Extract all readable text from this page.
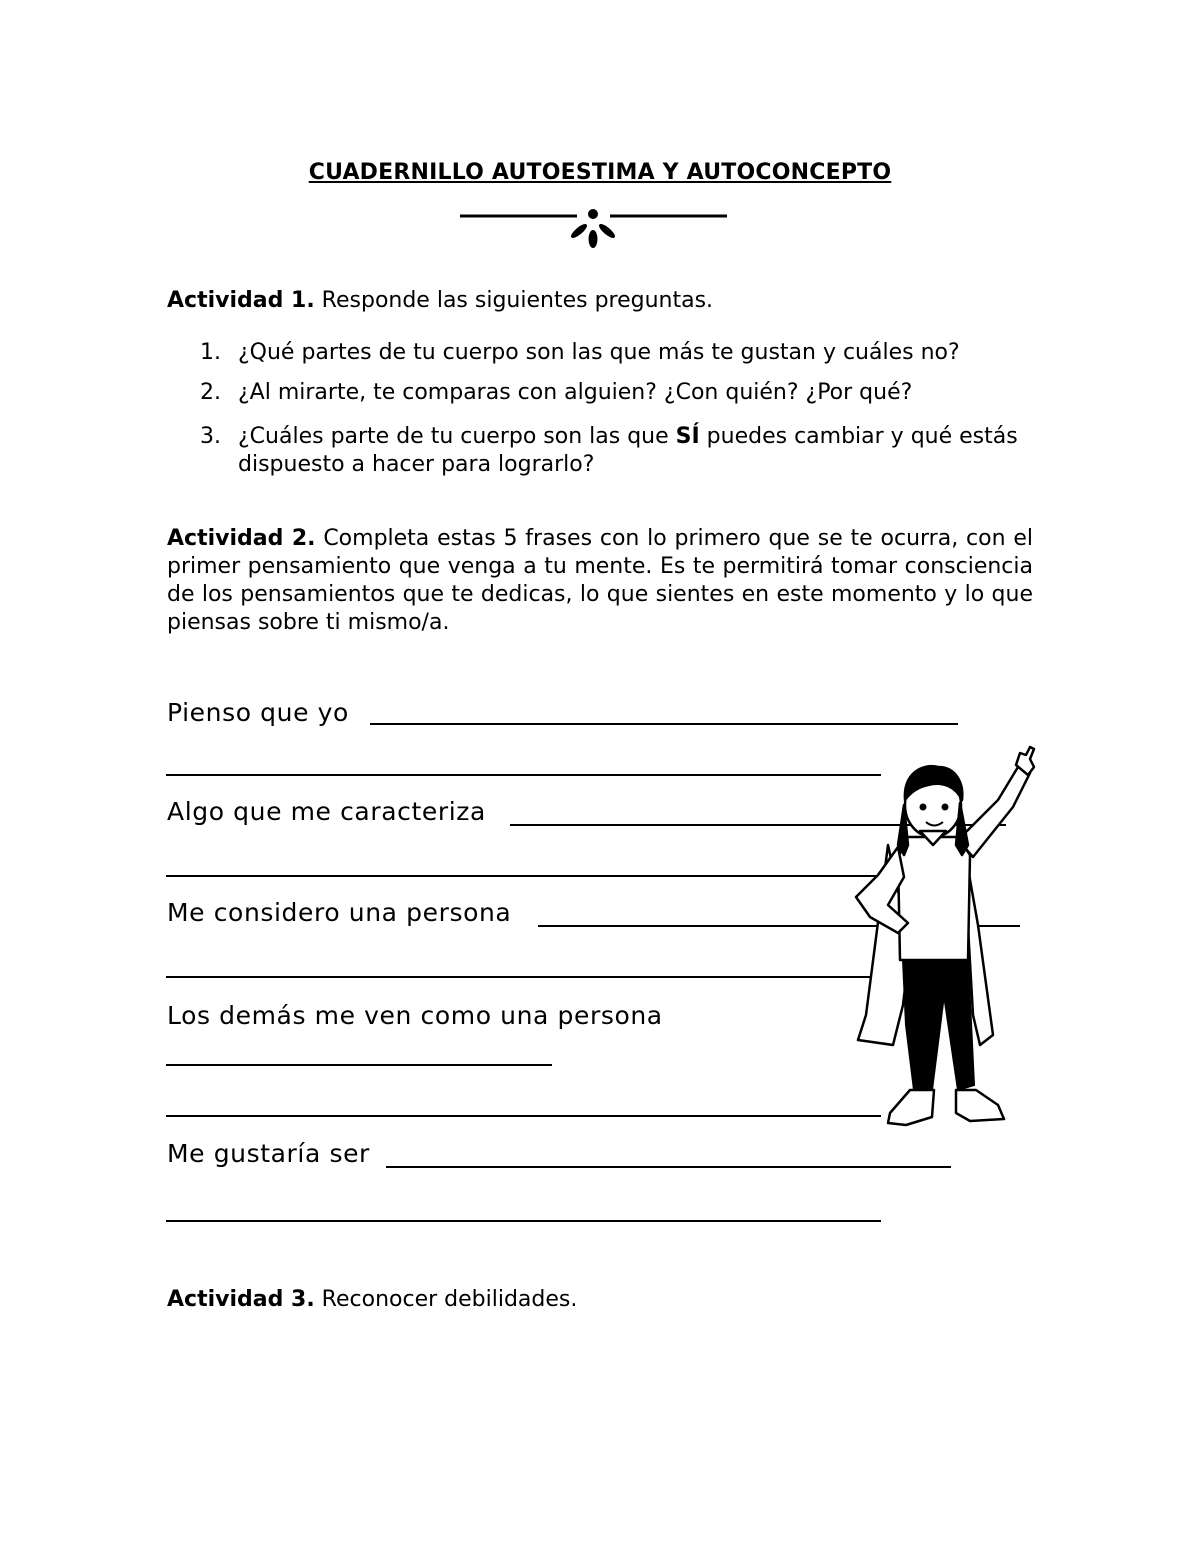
CUADERNILLO AUTOESTIMA Y AUTOCONCEPTO

Actividad 1. Responde las siguientes preguntas.

1. ¿Qué partes de tu cuerpo son las que más te gustan y cuáles no?
2. ¿Al mirarte, te comparas con alguien? ¿Con quién? ¿Por qué?
3. ¿Cuáles parte de tu cuerpo son las que SÍ puedes cambiar y qué estás dispuesto a hacer para lograrlo?

Actividad 2. Completa estas 5 frases con lo primero que se te ocurra, con el primer pensamiento que venga a tu mente. Es te permitirá tomar consciencia de los pensamientos que te dedicas, lo que sientes en este momento y lo que piensas sobre ti mismo/a.

Pienso que yo

Algo que me caracteriza

Me considero una persona

Los demás me ven como una persona

Me gustaría ser

Actividad 3. Reconocer debilidades.
